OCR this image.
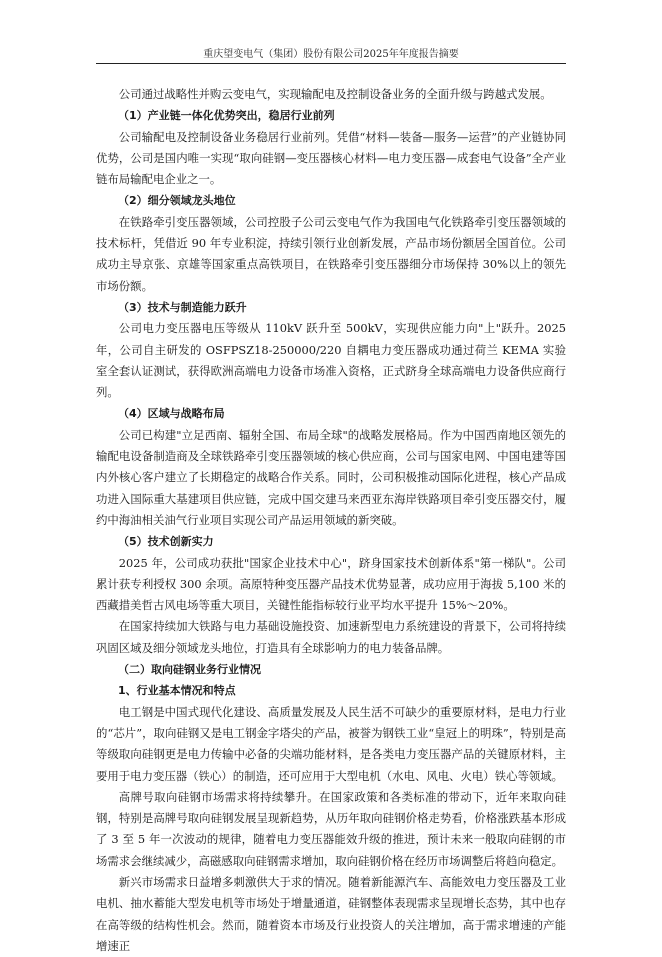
重庆望变电气（集团）股份有限公司2025年年度报告摘要

公司通过战略性并购云变电气，实现输配电及控制设备业务的全面升级与跨越式发展。

（1）产业链一体化优势突出，稳居行业前列

公司输配电及控制设备业务稳居行业前列。凭借“材料—装备—服务—运营”的产业链协同优势，公司是国内唯一实现“取向硅钢—变压器核心材料—电力变压器—成套电气设备”全产业链布局输配电企业之一。

（2）细分领域龙头地位

在铁路牵引变压器领域，公司控股子公司云变电气作为我国电气化铁路牵引变压器领域的技术标杆，凭借近 90 年专业积淀，持续引领行业创新发展，产品市场份额居全国首位。公司成功主导京张、京雄等国家重点高铁项目，在铁路牵引变压器细分市场保持 30%以上的领先市场份额。

（3）技术与制造能力跃升

公司电力变压器电压等级从 110kV 跃升至 500kV，实现供应能力向"上"跃升。2025 年，公司自主研发的 OSFPSZ18-250000/220 自耦电力变压器成功通过荷兰 KEMA 实验室全套认证测试，获得欧洲高端电力设备市场准入资格，正式跻身全球高端电力设备供应商行列。

（4）区域与战略布局

公司已构建"立足西南、辐射全国、布局全球"的战略发展格局。作为中国西南地区领先的输配电设备制造商及全球铁路牵引变压器领域的核心供应商，公司与国家电网、中国电建等国内外核心客户建立了长期稳定的战略合作关系。同时，公司积极推动国际化进程，核心产品成功进入国际重大基建项目供应链，完成中国交建马来西亚东海岸铁路项目牵引变压器交付，履约中海油相关油气行业项目实现公司产品运用领域的新突破。

（5）技术创新实力

2025 年，公司成功获批"国家企业技术中心"，跻身国家技术创新体系"第一梯队"。公司累计获专利授权 300 余项。高原特种变压器产品技术优势显著，成功应用于海拔 5,100 米的西藏措美哲古风电场等重大项目，关键性能指标较行业平均水平提升 15%～20%。

在国家持续加大铁路与电力基础设施投资、加速新型电力系统建设的背景下，公司将持续巩固区域及细分领域龙头地位，打造具有全球影响力的电力装备品牌。

（二）取向硅钢业务行业情况

1、行业基本情况和特点

电工钢是中国式现代化建设、高质量发展及人民生活不可缺少的重要原材料，是电力行业的“芯片”，取向硅钢又是电工钢金字塔尖的产品，被誉为钢铁工业“皇冠上的明珠”，特别是高等级取向硅钢更是电力传输中必备的尖端功能材料，是各类电力变压器产品的关键原材料，主要用于电力变压器（铁心）的制造，还可应用于大型电机（水电、风电、火电）铁心等领域。

高牌号取向硅钢市场需求将持续攀升。在国家政策和各类标准的带动下，近年来取向硅钢，特别是高牌号取向硅钢发展呈现新趋势，从历年取向硅钢价格走势看，价格涨跌基本形成了 3 至 5 年一次波动的规律，随着电力变压器能效升级的推进，预计未来一般取向硅钢的市场需求会继续减少，高磁感取向硅钢需求增加，取向硅钢价格在经历市场调整后将趋向稳定。

新兴市场需求日益增多刺激供大于求的情况。随着新能源汽车、高能效电力变压器及工业电机、抽水蓄能大型发电机等市场处于增量通道，硅钢整体表现需求呈现增长态势，其中也存在高等级的结构性机会。然而，随着资本市场及行业投资人的关注增加，高于需求增速的产能增速正
